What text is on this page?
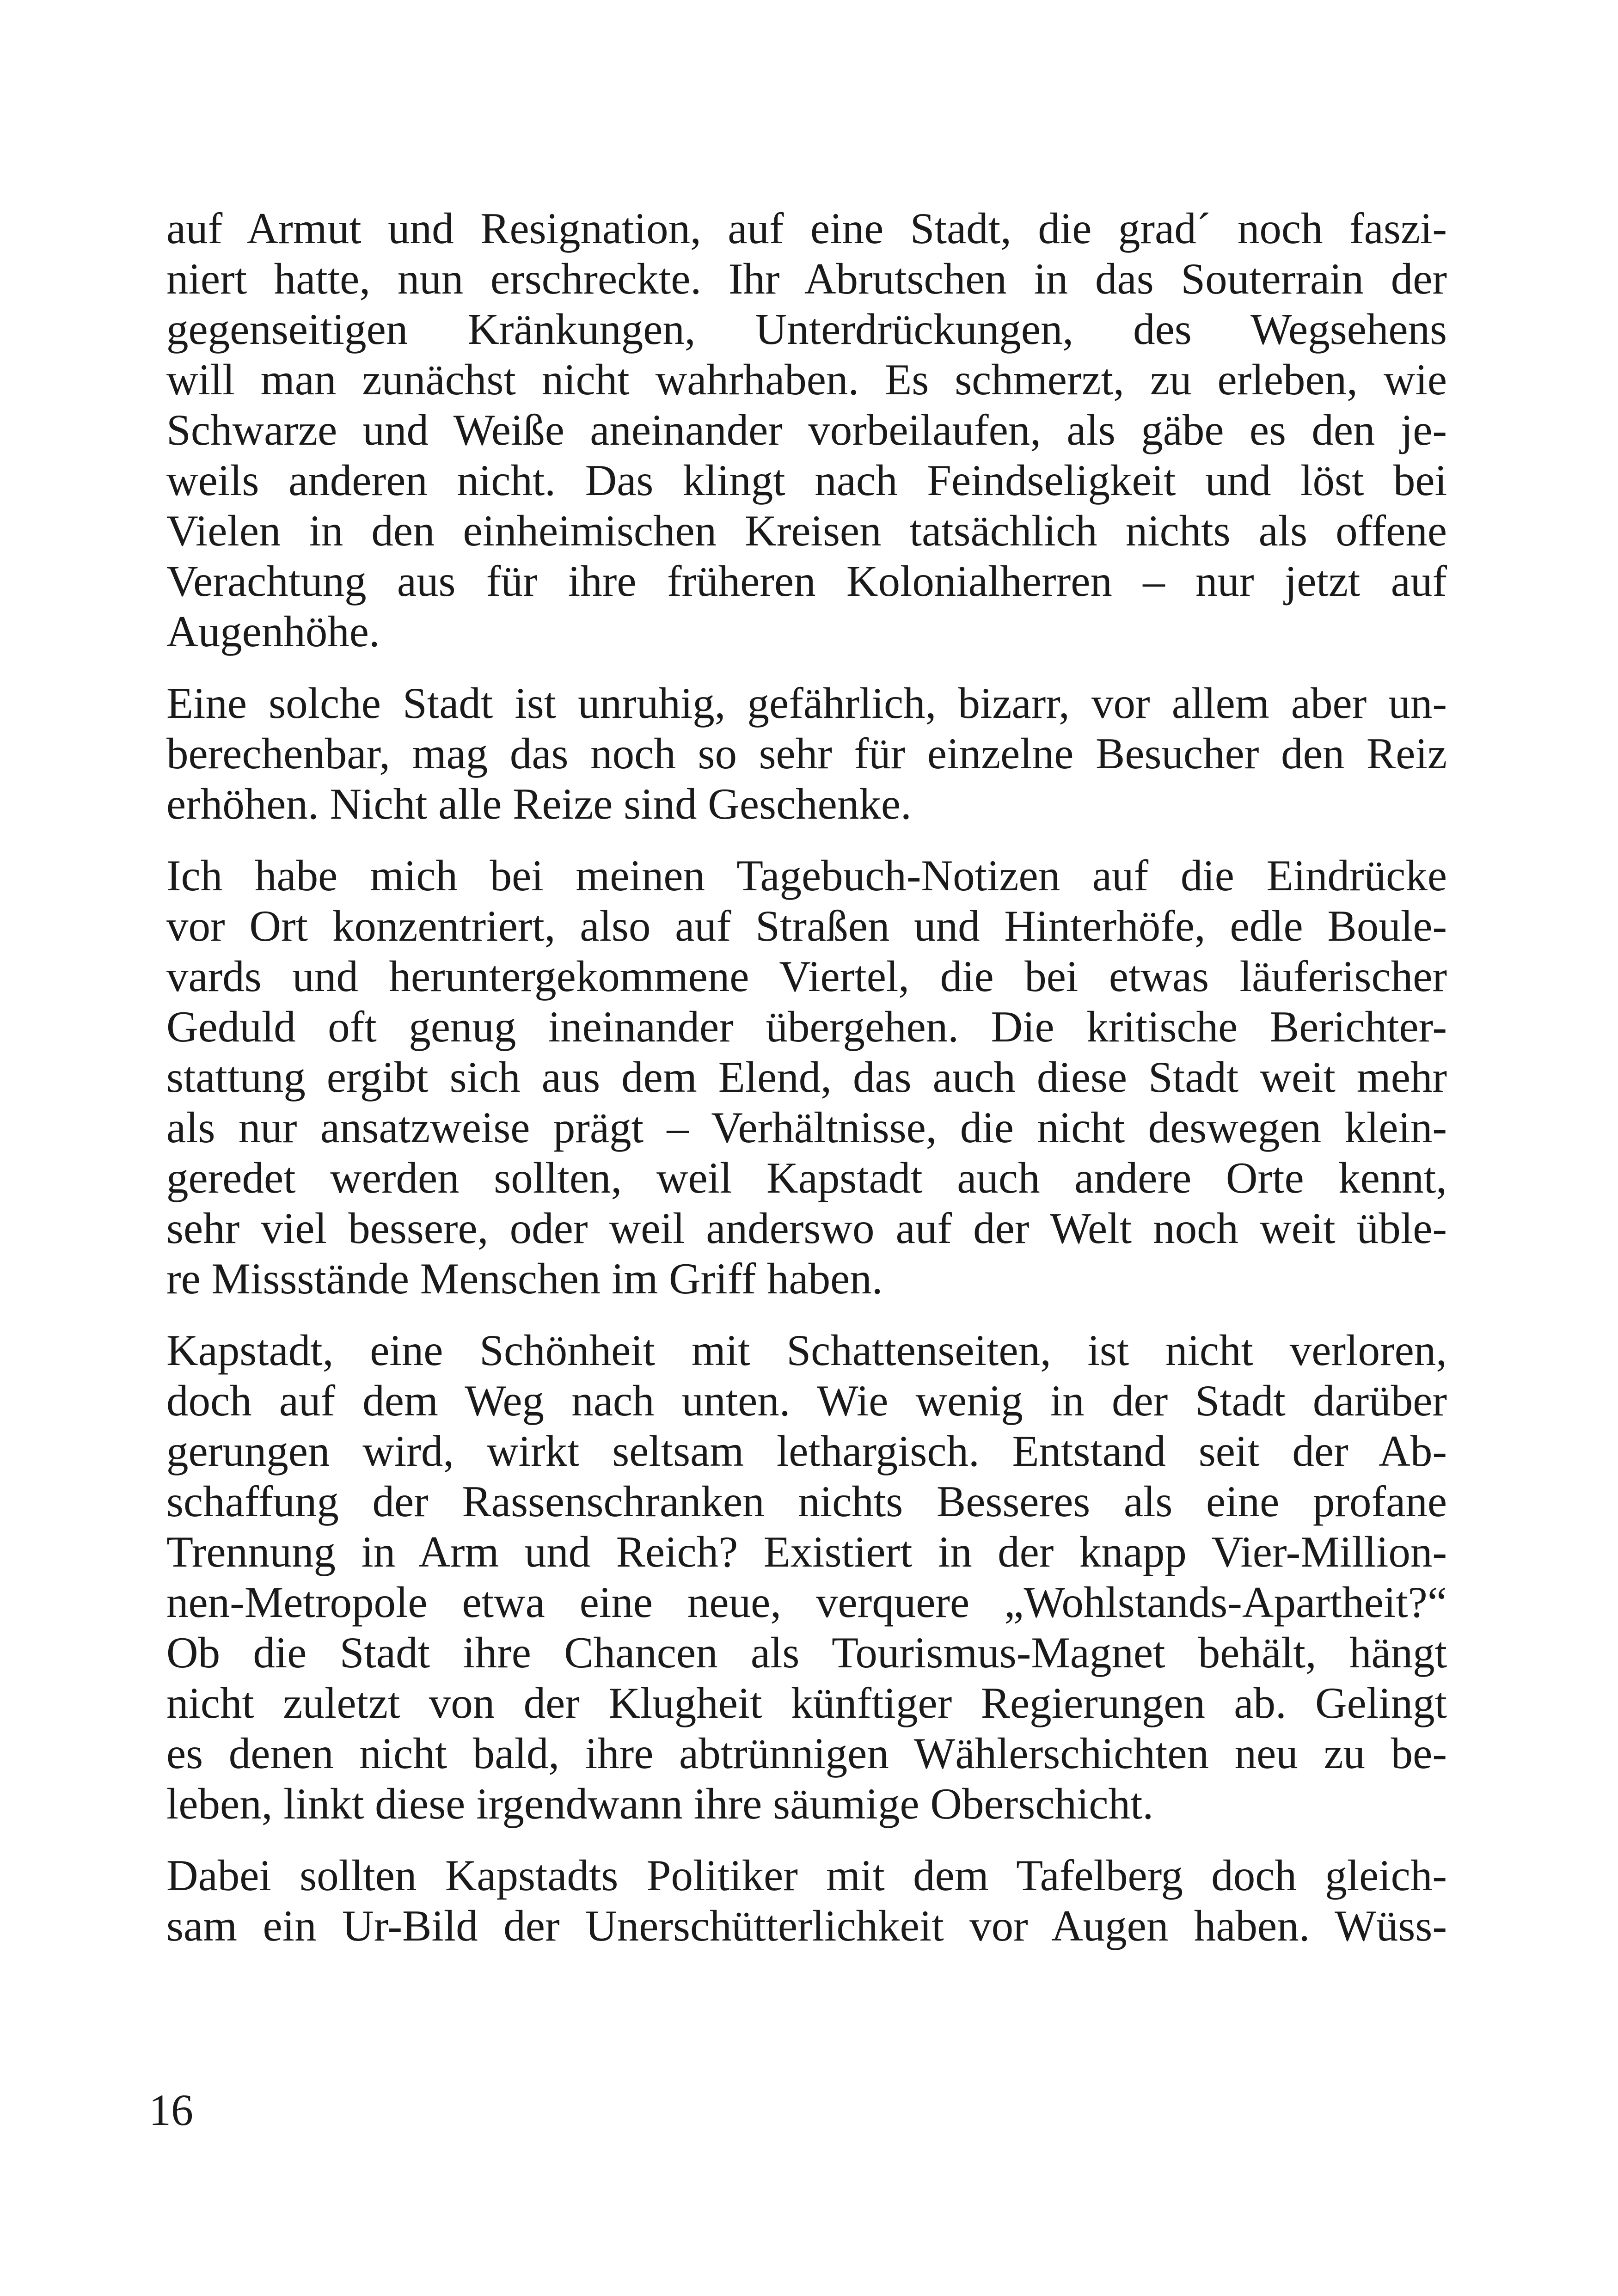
auf Armut und Resignation, auf eine Stadt, die grad´ noch faszi-
niert hatte, nun erschreckte. Ihr Abrutschen in das Souterrain der
gegenseitigen Kränkungen, Unterdrückungen, des Wegsehens
will man zunächst nicht wahrhaben. Es schmerzt, zu erleben, wie
Schwarze und Weiße aneinander vorbeilaufen, als gäbe es den je-
weils anderen nicht. Das klingt nach Feindseligkeit und löst bei
Vielen in den einheimischen Kreisen tatsächlich nichts als offene
Verachtung aus für ihre früheren Kolonialherren – nur jetzt auf
Augenhöhe.

Eine solche Stadt ist unruhig, gefährlich, bizarr, vor allem aber un-
berechenbar, mag das noch so sehr für einzelne Besucher den Reiz
erhöhen. Nicht alle Reize sind Geschenke.

Ich habe mich bei meinen Tagebuch-Notizen auf die Eindrücke
vor Ort konzentriert, also auf Straßen und Hinterhöfe, edle Boule-
vards und heruntergekommene Viertel, die bei etwas läuferischer
Geduld oft genug ineinander übergehen. Die kritische Berichter-
stattung ergibt sich aus dem Elend, das auch diese Stadt weit mehr
als nur ansatzweise prägt – Verhältnisse, die nicht deswegen klein-
geredet werden sollten, weil Kapstadt auch andere Orte kennt,
sehr viel bessere, oder weil anderswo auf der Welt noch weit üble-
re Missstände Menschen im Griff haben.

Kapstadt, eine Schönheit mit Schattenseiten, ist nicht verloren,
doch auf dem Weg nach unten. Wie wenig in der Stadt darüber
gerungen wird, wirkt seltsam lethargisch. Entstand seit der Ab-
schaffung der Rassenschranken nichts Besseres als eine profane
Trennung in Arm und Reich? Existiert in der knapp Vier-Million-
nen-Metropole etwa eine neue, verquere „Wohlstands-Apartheit?“
Ob die Stadt ihre Chancen als Tourismus-Magnet behält, hängt
nicht zuletzt von der Klugheit künftiger Regierungen ab. Gelingt
es denen nicht bald, ihre abtrünnigen Wählerschichten neu zu be-
leben, linkt diese irgendwann ihre säumige Oberschicht.

Dabei sollten Kapstadts Politiker mit dem Tafelberg doch gleich-
sam ein Ur-Bild der Unerschütterlichkeit vor Augen haben. Wüss-

16
